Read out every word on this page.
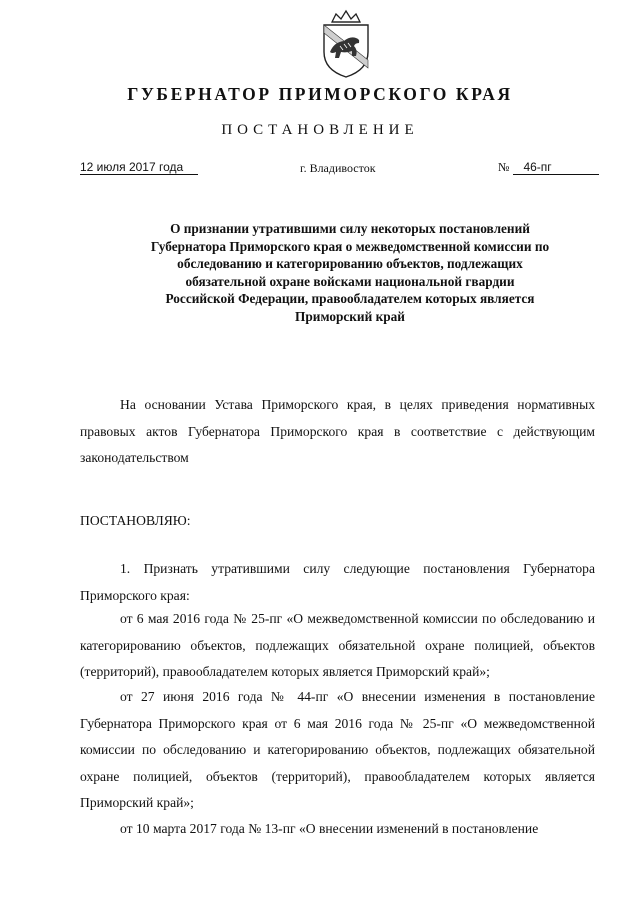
ГУБЕРНАТОР ПРИМОРСКОГО КРАЯ
ПОСТАНОВЛЕНИЕ
12 июля 2017 года	г. Владивосток	№ 46-пг
О признании утратившими силу некоторых постановлений Губернатора Приморского края о межведомственной комиссии по обследованию и категорированию объектов, подлежащих обязательной охране войсками национальной гвардии Российской Федерации, правообладателем которых является Приморский край

На основании Устава Приморского края, в целях приведения нормативных правовых актов Губернатора Приморского края в соответствие с действующим законодательством

ПОСТАНОВЛЯЮ:

1. Признать утратившими силу следующие постановления Губернатора Приморского края:

от 6 мая 2016 года № 25-пг «О межведомственной комиссии по обследованию и категорированию объектов, подлежащих обязательной охране полицией, объектов (территорий), правообладателем которых является Приморский край»;

от 27 июня 2016 года № 44-пг «О внесении изменения в постановление Губернатора Приморского края от 6 мая 2016 года № 25-пг «О межведомственной комиссии по обследованию и категорированию объектов, подлежащих обязательной охране полицией, объектов (территорий), правообладателем которых является Приморский край»;

от 10 марта 2017 года № 13-пг «О внесении изменений в постановление
